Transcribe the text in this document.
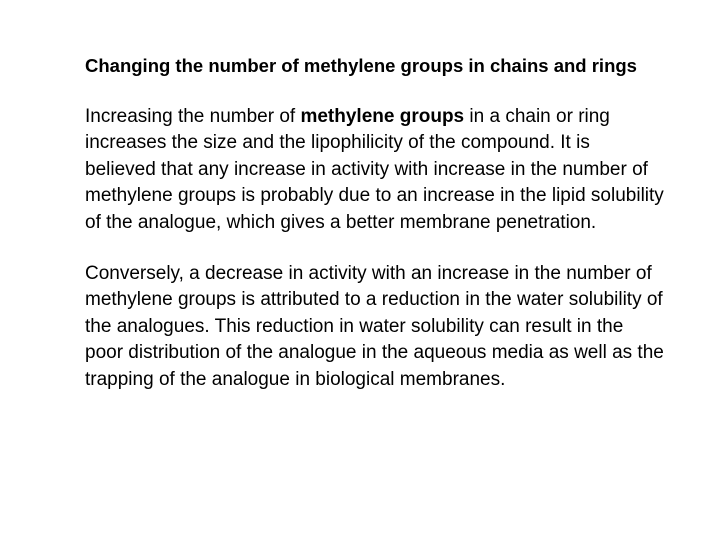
Changing the number of methylene groups in chains and rings

Increasing the number of methylene groups in a chain or ring increases the size and the lipophilicity of the compound. It is believed that any increase in activity with increase in the number of methylene groups is probably due to an increase in the lipid solubility of the analogue, which gives a better membrane penetration.

Conversely, a decrease in activity with an increase in the number of methylene groups is attributed to a reduction in the water solubility of the analogues. This reduction in water solubility can result in the poor distribution of the analogue in the aqueous media as well as the trapping of the analogue in biological membranes.
